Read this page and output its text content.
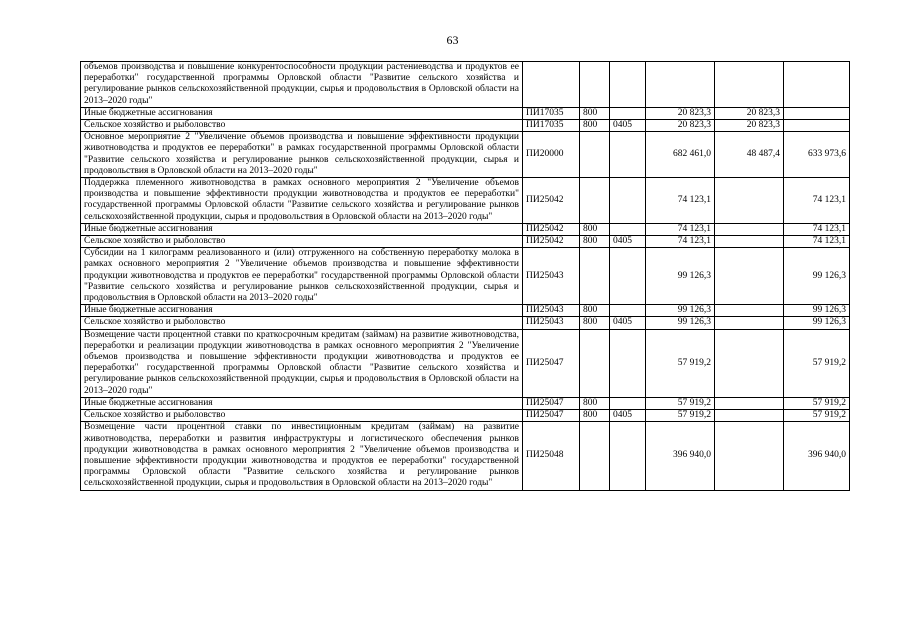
63
объемов производства и повышение конкурентоспособности продукции растениеводства и продуктов ее переработки" государственной программы Орловской области "Развитие сельского хозяйства и регулирование рынков сельскохозяйственной продукции, сырья и продовольствия в Орловской области на 2013–2020 годы"						
Иные бюджетные ассигнования	ПИ17035	800		20 823,3	20 823,3	
Сельское хозяйство и рыболовство	ПИ17035	800	0405	20 823,3	20 823,3	
Основное мероприятие 2 "Увеличение объемов производства и повышение эффективности продукции животноводства и продуктов ее переработки" в рамках государственной программы Орловской области "Развитие сельского хозяйства и регулирование рынков сельскохозяйственной продукции, сырья и продовольствия в Орловской области на 2013–2020 годы"	ПИ20000			682 461,0	48 487,4	633 973,6
Поддержка племенного животноводства в рамках основного мероприятия 2 "Увеличение объемов производства и повышение эффективности продукции животноводства и продуктов ее переработки" государственной программы Орловской области "Развитие сельского хозяйства и регулирование рынков сельскохозяйственной продукции, сырья и продовольствия в Орловской области на 2013–2020 годы"	ПИ25042			74 123,1		74 123,1
Иные бюджетные ассигнования	ПИ25042	800		74 123,1		74 123,1
Сельское хозяйство и рыболовство	ПИ25042	800	0405	74 123,1		74 123,1
Субсидии на 1 килограмм реализованного и (или) отгруженного на собственную переработку молока в рамках основного мероприятия 2 "Увеличение объемов производства и повышение эффективности продукции животноводства и продуктов ее переработки" государственной программы Орловской области "Развитие сельского хозяйства и регулирование рынков сельскохозяйственной продукции, сырья и продовольствия в Орловской области на 2013–2020 годы"	ПИ25043			99 126,3		99 126,3
Иные бюджетные ассигнования	ПИ25043	800		99 126,3		99 126,3
Сельское хозяйство и рыболовство	ПИ25043	800	0405	99 126,3		99 126,3
Возмещение части процентной ставки по краткосрочным кредитам (займам) на развитие животноводства, переработки и реализации продукции животноводства в рамках основного мероприятия 2 "Увеличение объемов производства и повышение эффективности продукции животноводства и продуктов ее переработки" государственной программы Орловской области "Развитие сельского хозяйства и регулирование рынков сельскохозяйственной продукции, сырья и продовольствия в Орловской области на 2013–2020 годы"	ПИ25047			57 919,2		57 919,2
Иные бюджетные ассигнования	ПИ25047	800		57 919,2		57 919,2
Сельское хозяйство и рыболовство	ПИ25047	800	0405	57 919,2		57 919,2
Возмещение части процентной ставки по инвестиционным кредитам (займам) на развитие животноводства, переработки и развития инфраструктуры и логистического обеспечения рынков продукции животноводства в рамках основного мероприятия 2 "Увеличение объемов производства и повышение эффективности продукции животноводства и продуктов ее переработки" государственной программы Орловской области "Развитие сельского хозяйства и регулирование рынков сельскохозяйственной продукции, сырья и продовольствия в Орловской области на 2013–2020 годы"	ПИ25048			396 940,0		396 940,0
